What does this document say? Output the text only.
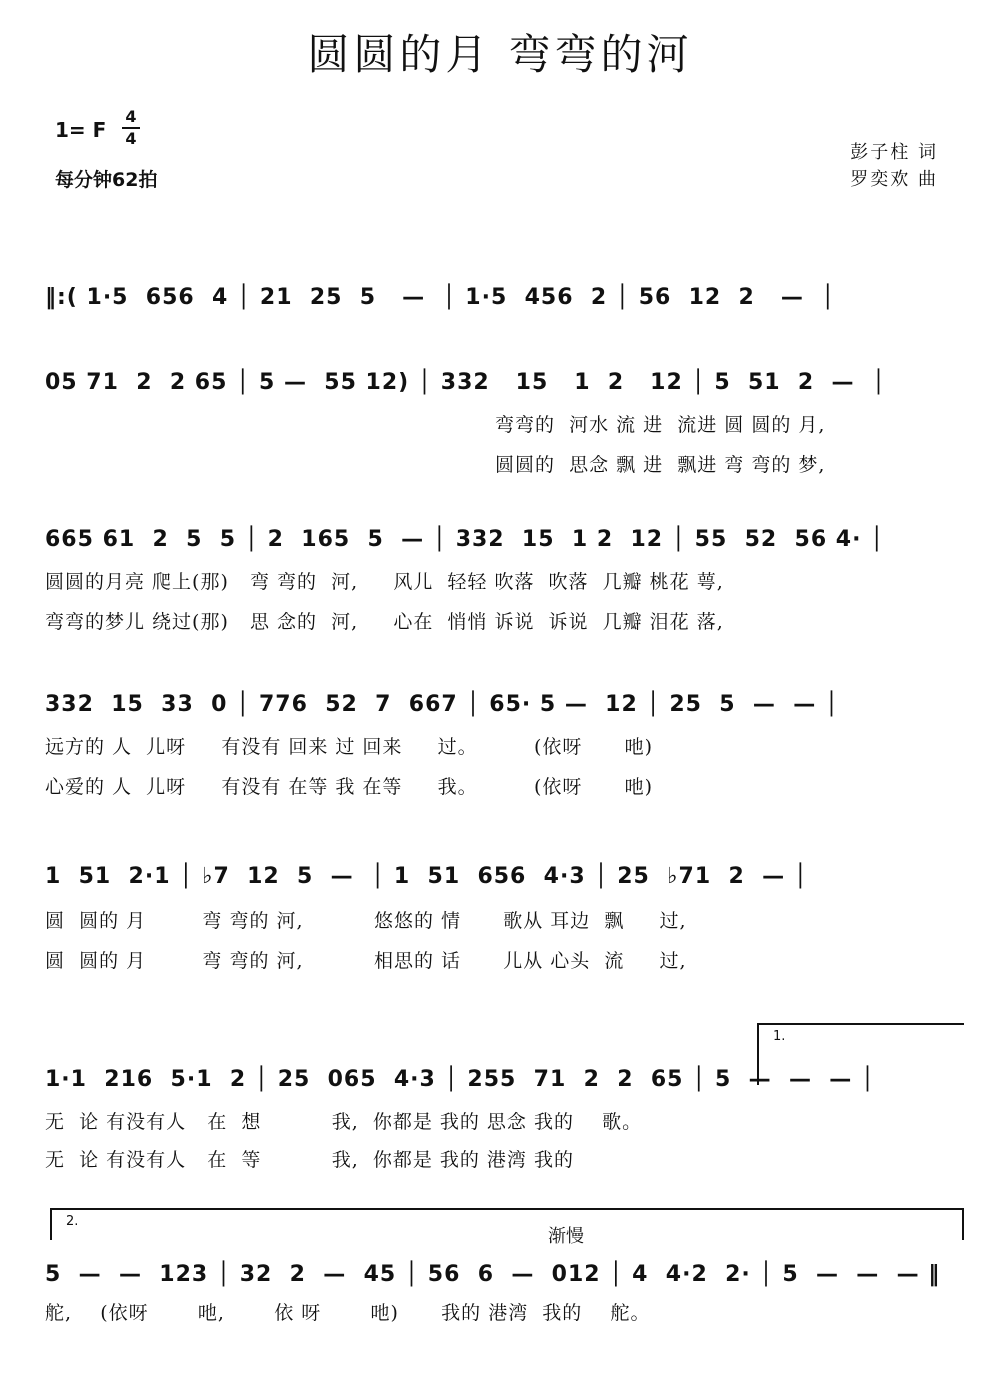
圆圆的月 弯弯的河
1= F
4
4
每分钟62拍
彭子柱 词
罗奕欢 曲
‖:( 1·5  656  4 │ 21  25  5   —  │ 1·5  456  2 │ 56  12  2   —  │
05 71  2  2 65 │ 5 —  55 12) │ 332   15   1  2   12 │ 5  51  2  —  │
弯弯的  河水 流 进  流进 圆 圆的 月,
圆圆的  思念 飘 进  飘进 弯 弯的 梦,
665 61  2  5  5 │ 2  165  5  — │ 332  15  1 2  12 │ 55  52  56 4· │
圆圆的月亮 爬上(那)   弯 弯的  河,     风儿  轻轻 吹落  吹落  几瓣 桃花 萼,
弯弯的梦儿 绕过(那)   思 念的  河,     心在  悄悄 诉说  诉说  几瓣 泪花 落,
332  15  33  0 │ 776  52  7  667 │ 65· 5 —  12 │ 25  5  —  — │
远方的 人  儿呀     有没有 回来 过 回来     过。        (依呀      吔)
心爱的 人  儿呀     有没有 在等 我 在等     我。        (依呀      吔)
1  51  2·1 │ ♭7  12  5  —  │ 1  51  656  4·3 │ 25  ♭71  2  — │
圆  圆的 月        弯 弯的 河,          悠悠的 情      歌从 耳边  飘     过,
圆  圆的 月        弯 弯的 河,          相思的 话      儿从 心头  流     过,
1.
1·1  216  5·1  2 │ 25  065  4·3 │ 255  71  2  2  65 │ 5  —  —  — │
无  论 有没有人   在  想          我,  你都是 我的 思念 我的    歌。
无  论 有没有人   在  等          我,  你都是 我的 港湾 我的
2.
渐慢
5  —  —  123 │ 32  2  —  45 │ 56  6  —  012 │ 4  4·2  2· │ 5  —  —  — ‖
舵,    (依呀       吔,       依 呀       吔)      我的 港湾  我的    舵。
